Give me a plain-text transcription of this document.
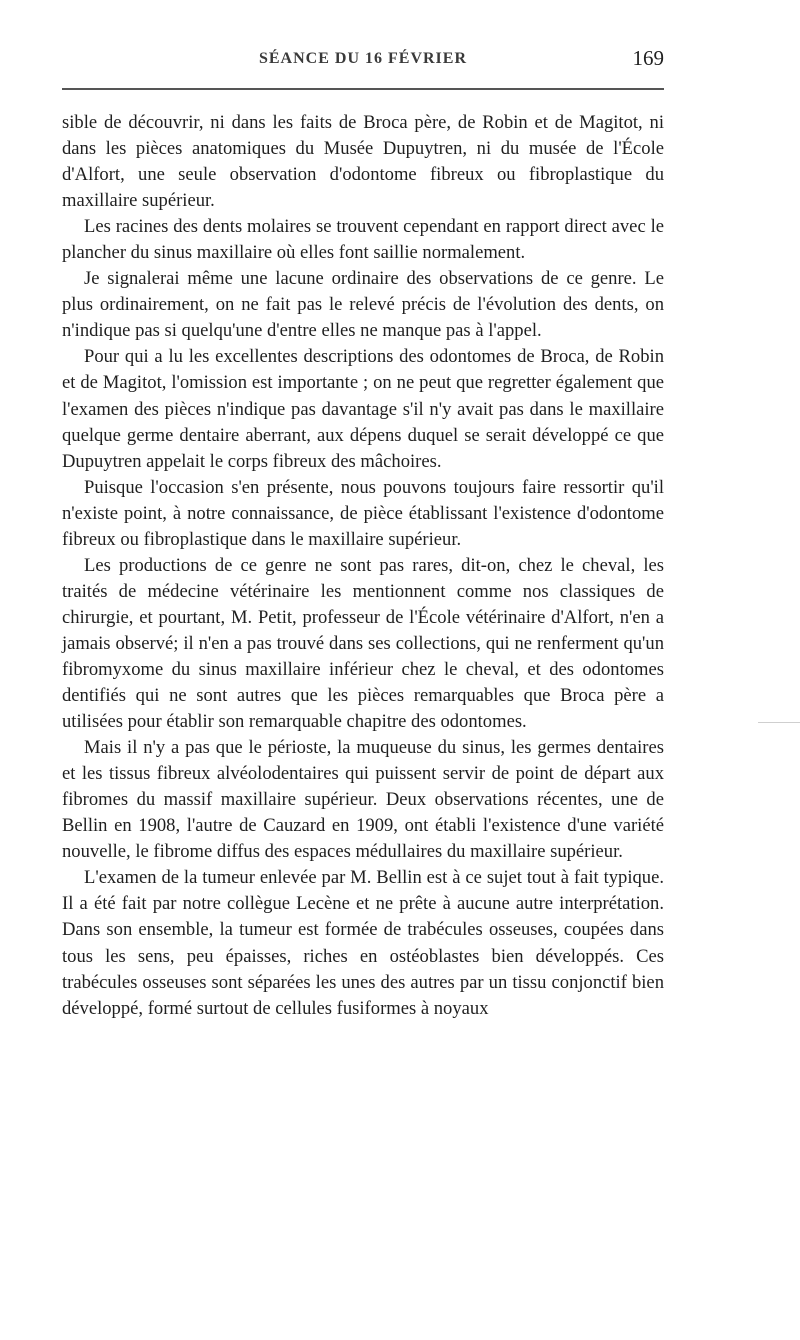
SÉANCE DU 16 FÉVRIER	169

sible de découvrir, ni dans les faits de Broca père, de Robin et de Magitot, ni dans les pièces anatomiques du Musée Dupuytren, ni du musée de l'École d'Alfort, une seule observation d'odontome fibreux ou fibroplastique du maxillaire supérieur.

Les racines des dents molaires se trouvent cependant en rapport direct avec le plancher du sinus maxillaire où elles font saillie normalement.

Je signalerai même une lacune ordinaire des observations de ce genre. Le plus ordinairement, on ne fait pas le relevé précis de l'évolution des dents, on n'indique pas si quelqu'une d'entre elles ne manque pas à l'appel.

Pour qui a lu les excellentes descriptions des odontomes de Broca, de Robin et de Magitot, l'omission est importante ; on ne peut que regretter également que l'examen des pièces n'indique pas davantage s'il n'y avait pas dans le maxillaire quelque germe dentaire aberrant, aux dépens duquel se serait développé ce que Dupuytren appelait le corps fibreux des mâchoires.

Puisque l'occasion s'en présente, nous pouvons toujours faire ressortir qu'il n'existe point, à notre connaissance, de pièce établissant l'existence d'odontome fibreux ou fibroplastique dans le maxillaire supérieur.

Les productions de ce genre ne sont pas rares, dit-on, chez le cheval, les traités de médecine vétérinaire les mentionnent comme nos classiques de chirurgie, et pourtant, M. Petit, professeur de l'École vétérinaire d'Alfort, n'en a jamais observé; il n'en a pas trouvé dans ses collections, qui ne renferment qu'un fibromyxome du sinus maxillaire inférieur chez le cheval, et des odontomes dentifiés qui ne sont autres que les pièces remarquables que Broca père a utilisées pour établir son remarquable chapitre des odontomes.

Mais il n'y a pas que le périoste, la muqueuse du sinus, les germes dentaires et les tissus fibreux alvéolodentaires qui puissent servir de point de départ aux fibromes du massif maxillaire supérieur. Deux observations récentes, une de Bellin en 1908, l'autre de Cauzard en 1909, ont établi l'existence d'une variété nouvelle, le fibrome diffus des espaces médullaires du maxillaire supérieur.

L'examen de la tumeur enlevée par M. Bellin est à ce sujet tout à fait typique. Il a été fait par notre collègue Lecène et ne prête à aucune autre interprétation. Dans son ensemble, la tumeur est formée de trabécules osseuses, coupées dans tous les sens, peu épaisses, riches en ostéoblastes bien développés. Ces trabécules osseuses sont séparées les unes des autres par un tissu conjonctif bien développé, formé surtout de cellules fusiformes à noyaux
